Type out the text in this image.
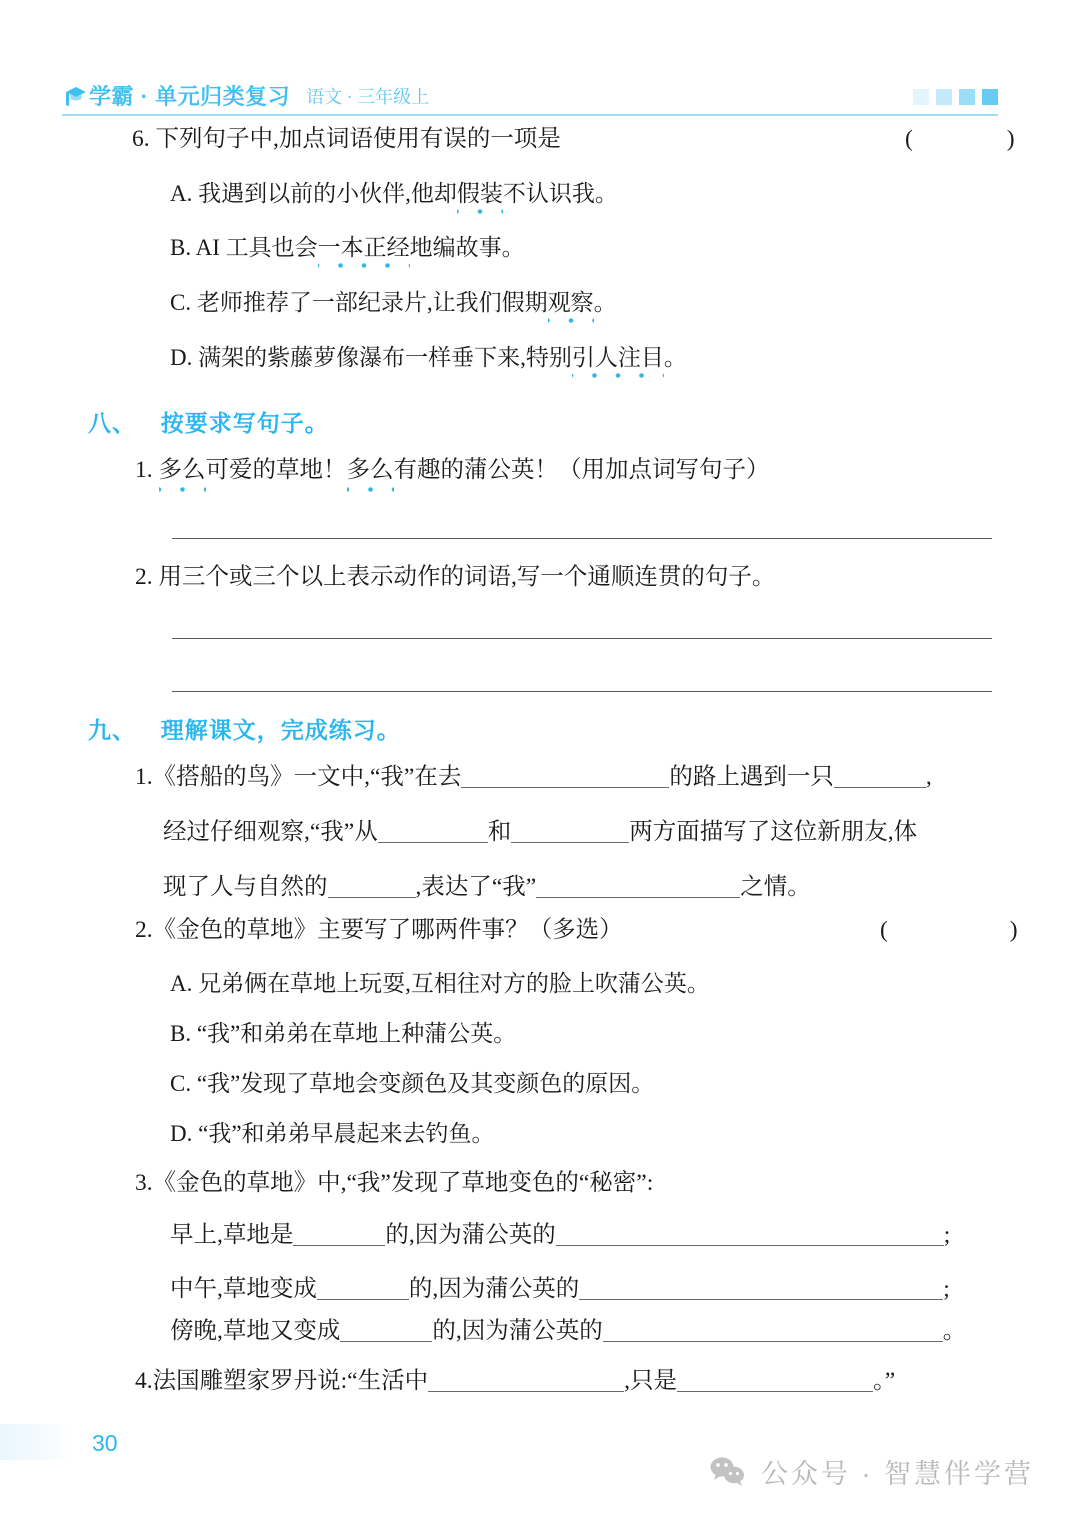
学霸 · 单元归类复习 语文 · 三年级上
6. 下列句子中,加点词语使用有误的一项是	( )
A. 我遇到以前的小伙伴,他却假装不认识我。
B. AI 工具也会一本正经地编故事。
C. 老师推荐了一部纪录片,让我们假期观察。
D. 满架的紫藤萝像瀑布一样垂下来,特别引人注目。
八、 按要求写句子。
1. 多么可爱的草地！多么有趣的蒲公英！（用加点词写句子）
2. 用三个或三个以上表示动作的词语,写一个通顺连贯的句子。
九、 理解课文，完成练习。
1.《搭船的鸟》一文中,“我”在去	的路上遇到一只	,
经过仔细观察,“我”从	和	两方面描写了这位新朋友,体
现了人与自然的	,表达了“我”	之情。
2.《金色的草地》主要写了哪两件事？（多选）	( )
A. 兄弟俩在草地上玩耍,互相往对方的脸上吹蒲公英。
B. “我”和弟弟在草地上种蒲公英。
C. “我”发现了草地会变颜色及其变颜色的原因。
D. “我”和弟弟早晨起来去钓鱼。
3.《金色的草地》中,“我”发现了草地变色的“秘密”:
早上,草地是	的,因为蒲公英的	;
中午,草地变成	的,因为蒲公英的	;
傍晚,草地又变成	的,因为蒲公英的	。
4.法国雕塑家罗丹说:“生活中	,只是	。”
30
公众号 · 智慧伴学营
